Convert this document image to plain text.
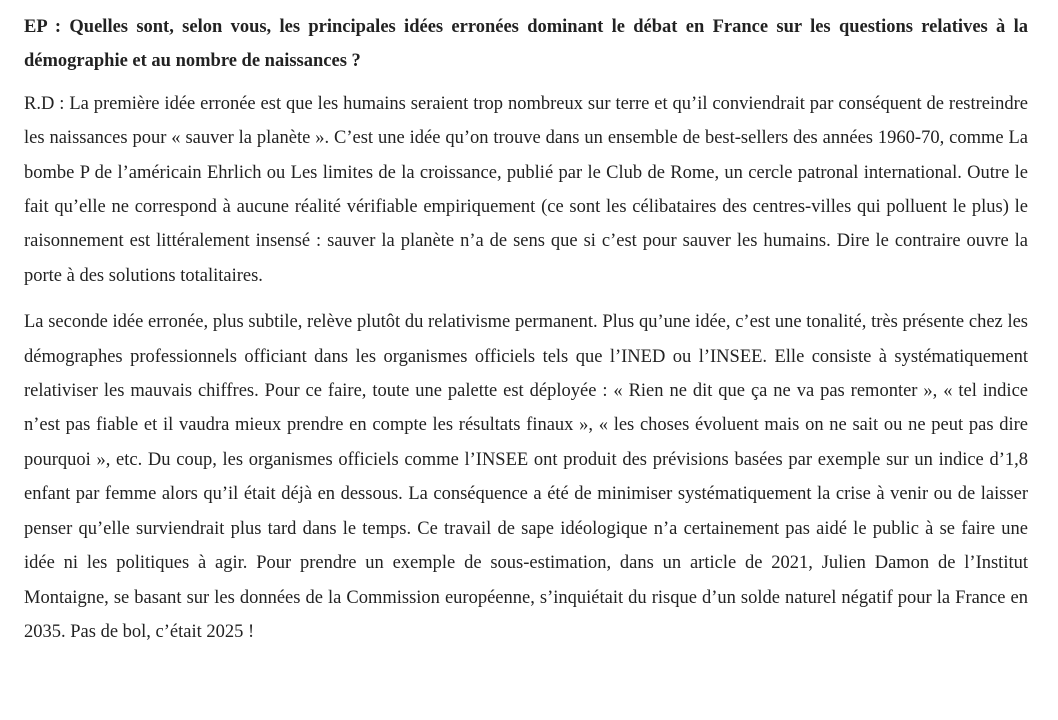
EP : Quelles sont, selon vous, les principales idées erronées dominant le débat en France sur les questions relatives à la démographie et au nombre de naissances ?

R.D : La première idée erronée est que les humains seraient trop nombreux sur terre et qu’il conviendrait par conséquent de restreindre les naissances pour « sauver la planète ». C’est une idée qu’on trouve dans un ensemble de best-sellers des années 1960-70, comme La bombe P de l’américain Ehrlich ou Les limites de la croissance, publié par le Club de Rome, un cercle patronal international. Outre le fait qu’elle ne correspond à aucune réalité vérifiable empiriquement (ce sont les célibataires des centres-villes qui polluent le plus) le raisonnement est littéralement insensé : sauver la planète n’a de sens que si c’est pour sauver les humains. Dire le contraire ouvre la porte à des solutions totalitaires.

La seconde idée erronée, plus subtile, relève plutôt du relativisme permanent. Plus qu’une idée, c’est une tonalité, très présente chez les démographes professionnels officiant dans les organismes officiels tels que l’INED ou l’INSEE. Elle consiste à systématiquement relativiser les mauvais chiffres. Pour ce faire, toute une palette est déployée : « Rien ne dit que ça ne va pas remonter », « tel indice n’est pas fiable et il vaudra mieux prendre en compte les résultats finaux », « les choses évoluent mais on ne sait ou ne peut pas dire pourquoi », etc. Du coup, les organismes officiels comme l’INSEE ont produit des prévisions basées par exemple sur un indice d’1,8 enfant par femme alors qu’il était déjà en dessous. La conséquence a été de minimiser systématiquement la crise à venir ou de laisser penser qu’elle surviendrait plus tard dans le temps. Ce travail de sape idéologique n’a certainement pas aidé le public à se faire une idée ni les politiques à agir. Pour prendre un exemple de sous-estimation, dans un article de 2021, Julien Damon de l’Institut Montaigne, se basant sur les données de la Commission européenne, s’inquiétait du risque d’un solde naturel négatif pour la France en 2035. Pas de bol, c’était 2025 !
